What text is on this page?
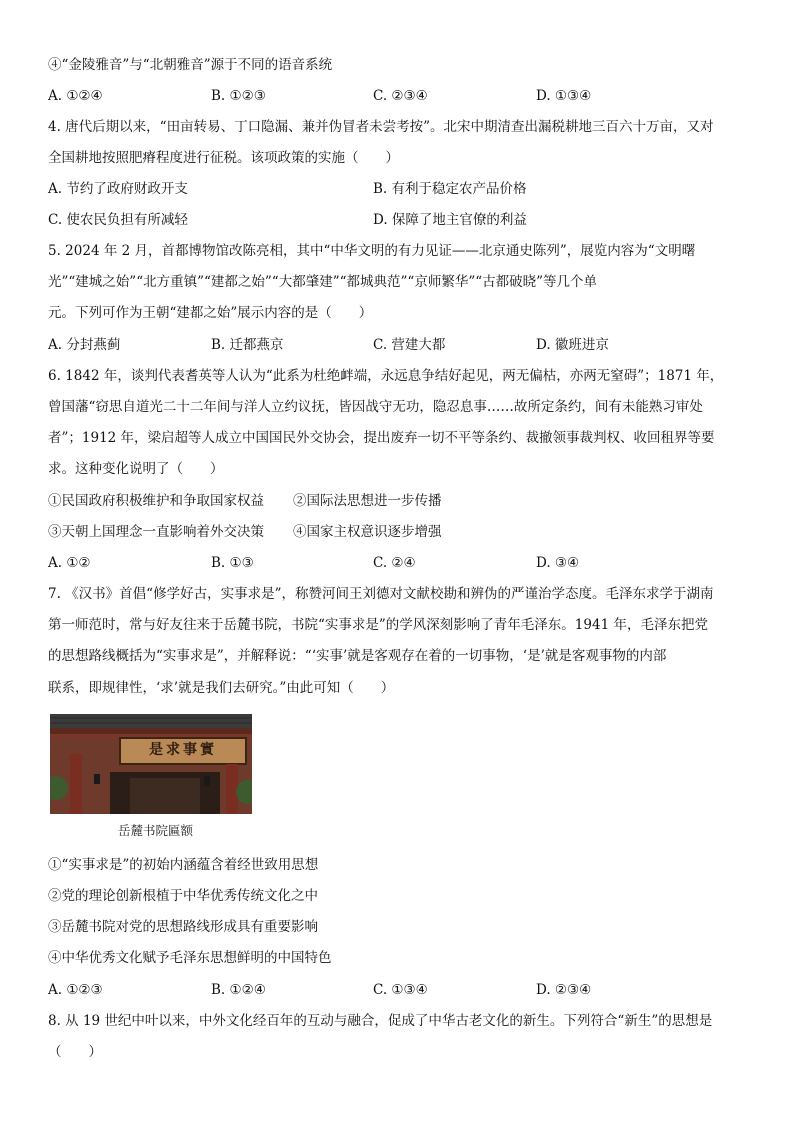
④“金陵雅音”与“北朝雅音”源于不同的语音系统
A. ①②④	B. ①②③	C. ②③④	D. ①③④
4. 唐代后期以来，“田亩转易、丁口隐漏、兼并伪冒者未尝考按”。北宋中期清查出漏税耕地三百六十万亩，又对
全国耕地按照肥瘠程度进行征税。该项政策的实施（　　）
A. 节约了政府财政开支	B. 有利于稳定农产品价格
C. 使农民负担有所减轻	D. 保障了地主官僚的利益
5. 2024 年 2 月，首都博物馆改陈亮相，其中“中华文明的有力见证——北京通史陈列”，展览内容为“文明曙
光”“建城之始”“北方重镇”“建都之始”“大都肇建”“都城典范”“京师繁华”“古都破晓”等几个单
元。下列可作为王朝“建都之始”展示内容的是（　　）
A. 分封燕蓟	B. 迁都燕京	C. 营建大都	D. 徽班进京
6. 1842 年，谈判代表耆英等人认为“此系为杜绝衅端，永远息争结好起见，两无偏枯，亦两无窒碍”；1871 年，
曾国藩“窃思自道光二十二年间与洋人立约议抚，皆因战守无功，隐忍息事……故所定条约，间有未能熟习审处
者”；1912 年，梁启超等人成立中国国民外交协会，提出废弃一切不平等条约、裁撤领事裁判权、收回租界等要
求。这种变化说明了（　　）
①民国政府积极维护和争取国家权益 ②国际法思想进一步传播
③天朝上国理念一直影响着外交决策 ④国家主权意识逐步增强
A. ①②	B. ①③	C. ②④	D. ③④
7. 《汉书》首倡“修学好古，实事求是”，称赞河间王刘德对文献校勘和辨伪的严谨治学态度。毛泽东求学于湖南
第一师范时，常与好友往来于岳麓书院，书院“实事求是”的学风深刻影响了青年毛泽东。1941 年，毛泽东把党
的思想路线概括为“实事求是”，并解释说：“‘实事’就是客观存在着的一切事物，‘是’就是客观事物的内部
联系，即规律性，‘求’就是我们去研究。”由此可知（　　）
是求事實
岳麓书院匾额
①“实事求是”的初始内涵蕴含着经世致用思想
②党的理论创新根植于中华优秀传统文化之中
③岳麓书院对党的思想路线形成具有重要影响
④中华优秀文化赋予毛泽东思想鲜明的中国特色
A. ①②③	B. ①②④	C. ①③④	D. ②③④
8. 从 19 世纪中叶以来，中外文化经百年的互动与融合，促成了中华古老文化的新生。下列符合“新生”的思想是
（　　）
